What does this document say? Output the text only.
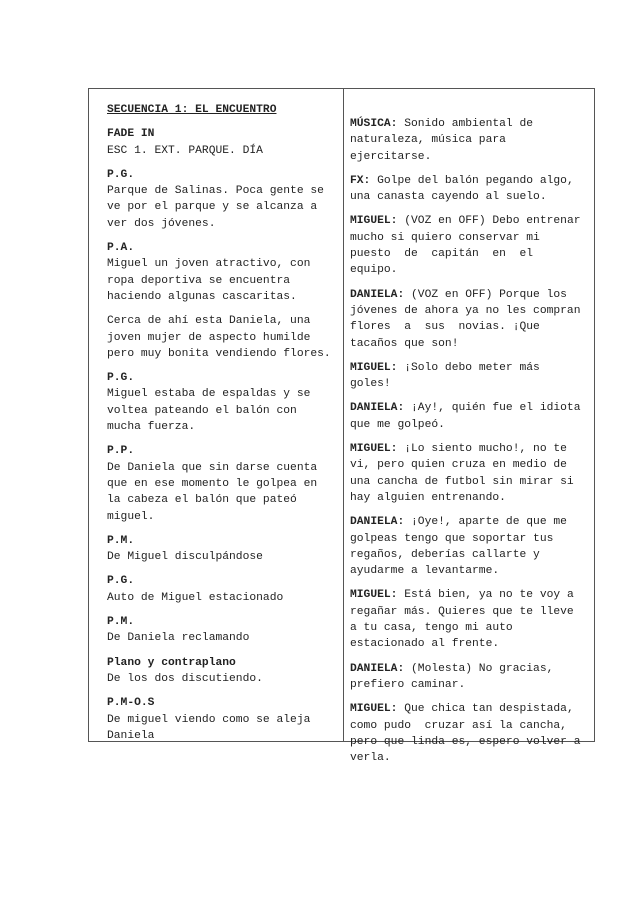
SECUENCIA 1: EL ENCUENTRO
FADE IN
ESC 1. EXT. PARQUE. DÍA
P.G.
Parque de Salinas. Poca gente se
ve por el parque y se alcanza a
ver dos jóvenes.
P.A.
Miguel un joven atractivo, con
ropa deportiva se encuentra
haciendo algunas cascaritas.
Cerca de ahí esta Daniela, una
joven mujer de aspecto humilde
pero muy bonita vendiendo flores.
P.G.
Miguel estaba de espaldas y se
voltea pateando el balón con
mucha fuerza.
P.P.
De Daniela que sin darse cuenta
que en ese momento le golpea en
la cabeza el balón que pateó
miguel.
P.M.
De Miguel disculpándose
P.G.
Auto de Miguel estacionado
P.M.
De Daniela reclamando
Plano y contraplano
De los dos discutiendo.
P.M-O.S
De miguel viendo como se aleja
Daniela
MÚSICA: Sonido ambiental de
naturaleza, música para
ejercitarse.
FX: Golpe del balón pegando algo,
una canasta cayendo al suelo.
MIGUEL: (VOZ en OFF) Debo entrenar
mucho si quiero conservar mi
puesto  de  capitán  en  el
equipo.
DANIELA: (VOZ en OFF) Porque los
jóvenes de ahora ya no les compran
flores  a  sus  novias. ¡Que
tacaños que son!
MIGUEL: ¡Solo debo meter más
goles!
DANIELA: ¡Ay!, quién fue el idiota
que me golpeó.
MIGUEL: ¡Lo siento mucho!, no te
vi, pero quien cruza en medio de
una cancha de futbol sin mirar si
hay alguien entrenando.
DANIELA: ¡Oye!, aparte de que me
golpeas tengo que soportar tus
regaños, deberías callarte y
ayudarme a levantarme.
MIGUEL: Está bien, ya no te voy a
regañar más. Quieres que te lleve
a tu casa, tengo mi auto
estacionado al frente.
DANIELA: (Molesta) No gracias,
prefiero caminar.
MIGUEL: Que chica tan despistada,
como pudo  cruzar así la cancha,
pero que linda es, espero volver a
verla.
